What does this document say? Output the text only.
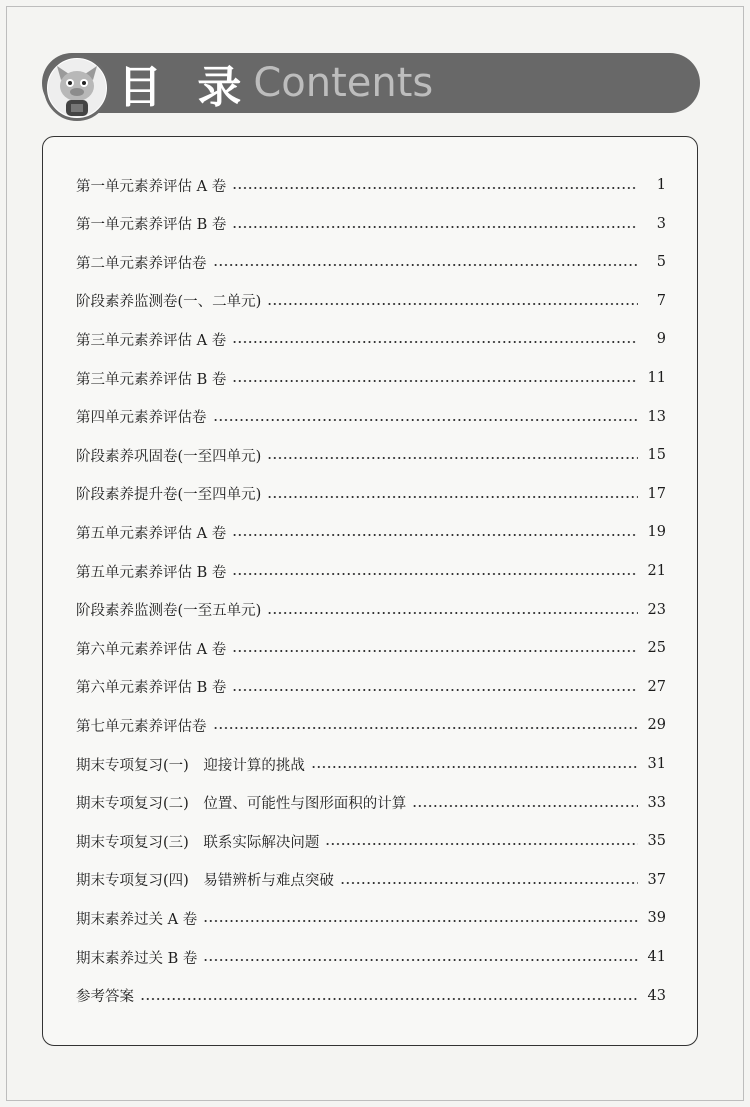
目 录 Contents
第一单元素养评估 A 卷	1
第一单元素养评估 B 卷	3
第二单元素养评估卷	5
阶段素养监测卷(一、二单元)	7
第三单元素养评估 A 卷	9
第三单元素养评估 B 卷	11
第四单元素养评估卷	13
阶段素养巩固卷(一至四单元)	15
阶段素养提升卷(一至四单元)	17
第五单元素养评估 A 卷	19
第五单元素养评估 B 卷	21
阶段素养监测卷(一至五单元)	23
第六单元素养评估 A 卷	25
第六单元素养评估 B 卷	27
第七单元素养评估卷	29
期末专项复习(一)　迎接计算的挑战	31
期末专项复习(二)　位置、可能性与图形面积的计算	33
期末专项复习(三)　联系实际解决问题	35
期末专项复习(四)　易错辨析与难点突破	37
期末素养过关 A 卷	39
期末素养过关 B 卷	41
参考答案	43
